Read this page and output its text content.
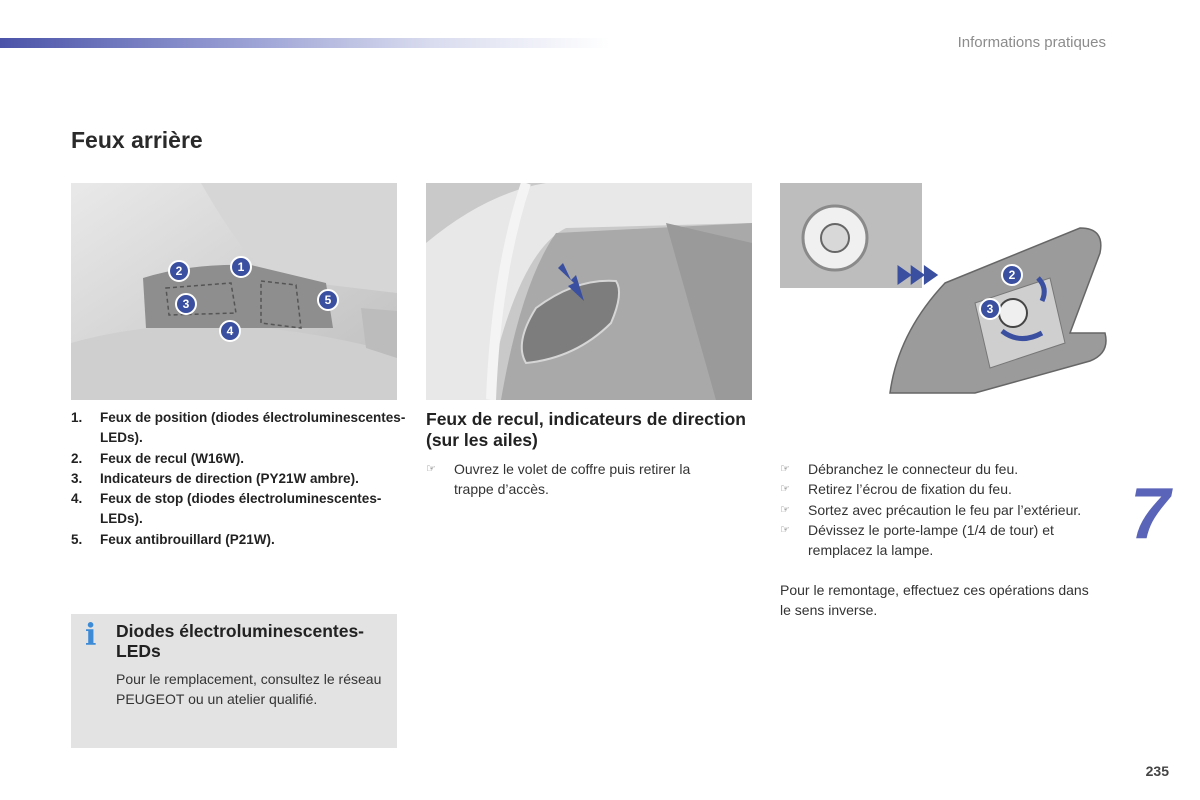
Informations pratiques
Feux arrière
2	1
3
4
5
2
3
1.	Feux de position (diodes électroluminescentes-LEDs).
2.	Feux de recul (W16W).
3.	Indicateurs de direction (PY21W ambre).
4.	Feux de stop (diodes électroluminescentes-LEDs).
5.	Feux antibrouillard (P21W).
Feux de recul, indicateurs de direction (sur les ailes)
☞	Ouvrez le volet de coffre puis retirer la trappe d’accès.
☞	Débranchez le connecteur du feu.
☞	Retirez l’écrou de fixation du feu.
☞	Sortez avec précaution le feu par l’extérieur.
☞	Dévissez le porte-lampe (1/4 de tour) et remplacez la lampe.

Pour le remontage, effectuez ces opérations dans le sens inverse.

7
i Diodes électroluminescentes-LEDs

Pour le remplacement, consultez le réseau PEUGEOT ou un atelier qualifié.

235
